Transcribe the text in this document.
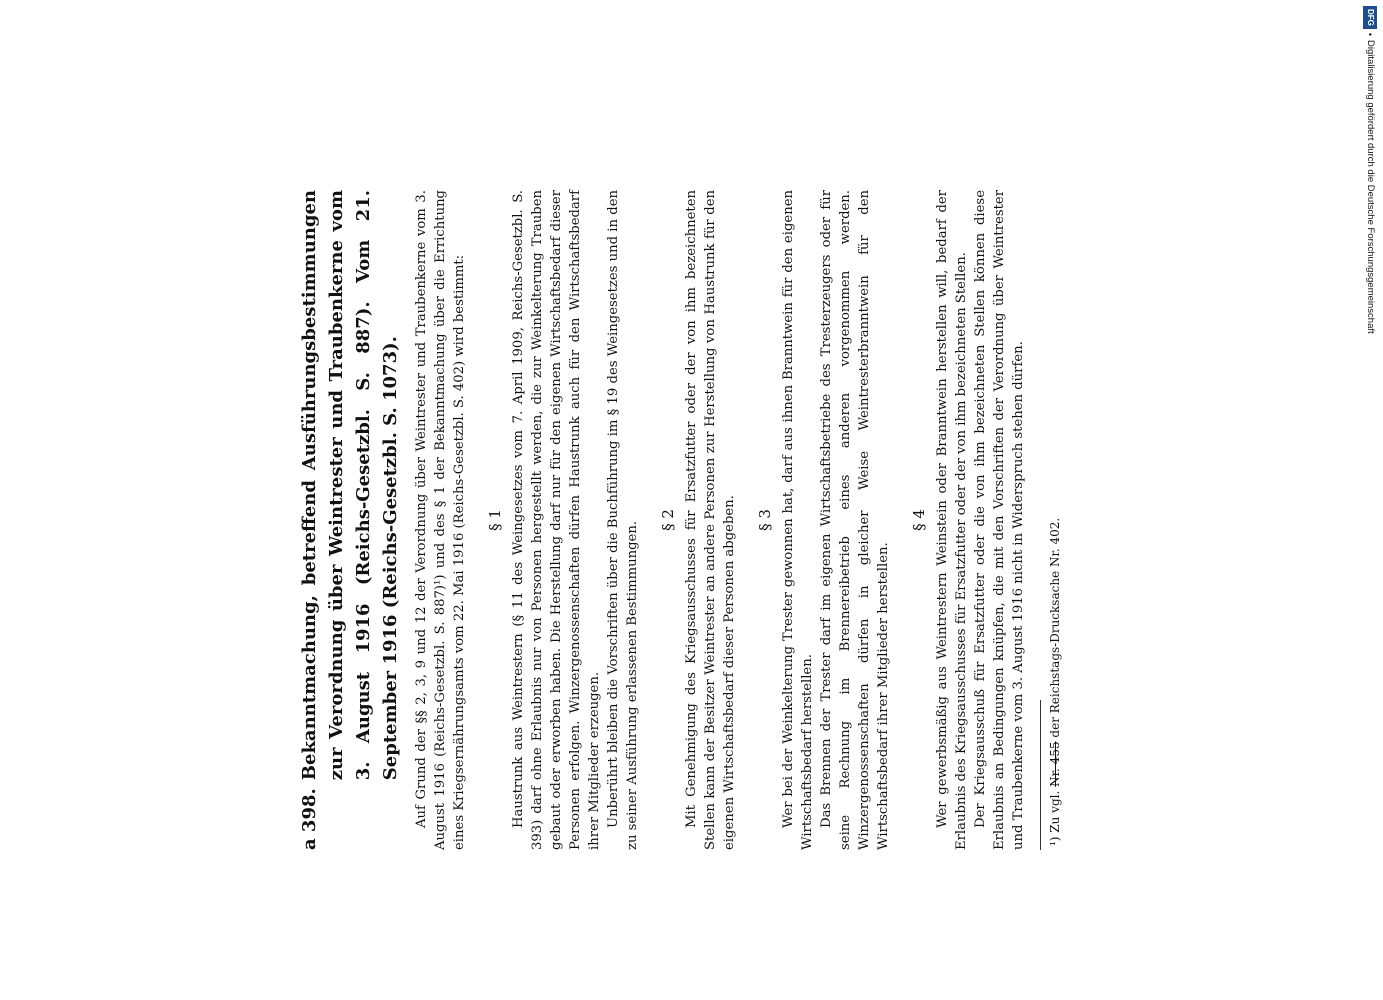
a 398.
Bekanntmachung, betreffend Ausführungsbestimmungen zur Verordnung über Weintrester und Traubenkerne vom 3. August 1916 (Reichs-Gesetzbl. S. 887). Vom 21. September 1916 (Reichs-Gesetzbl. S. 1073). Auf Grund der §§ 2, 3, 9 und 12 der Verordnung über Weintrester und Traubenkerne vom 3. August 1916 (Reichs-Gesetzbl. S. 887)¹) und des § 1 der Bekanntmachung über die Errichtung eines Kriegsernährungsamts vom 22. Mai 1916 (Reichs-Gesetzbl. S. 402) wird bestimmt: § 1 Haustrunk aus Weintrestern (§ 11 des Weingesetzes vom 7. April 1909, Reichs-Gesetzbl. S. 393) darf ohne Erlaubnis nur von Personen hergestellt werden, die zur Weinkelterung Trauben gebaut oder erworben haben. Die Herstellung darf nur für den eigenen Wirtschaftsbedarf dieser Personen erfolgen. Winzergenossenschaften dürfen Haustrunk auch für den Wirtschaftsbedarf ihrer Mitglieder erzeugen. Unberührt bleiben die Vorschriften über die Buchführung im § 19 des Weingesetzes und in den zu seiner Ausführung erlassenen Bestimmungen.

§ 2 Mit Genehmigung des Kriegsausschusses für Ersatzfutter oder der von ihm bezeichneten Stellen kann der Besitzer Weintrester an andere Personen zur Herstellung von Haustrunk für den eigenen Wirtschaftsbedarf dieser Personen abgeben. § 3 Wer bei der Weinkelterung Trester gewonnen hat, darf aus ihnen Branntwein für den eigenen Wirtschaftsbedarf herstellen. Das Brennen der Trester darf im eigenen Wirtschaftsbetriebe des Tresterzeugers oder für seine Rechnung im Brennereibetrieb eines anderen vorgenommen werden. Winzergenossenschaften dürfen in gleicher Weise Weintresterbranntwein für den Wirtschaftsbedarf ihrer Mitglieder herstellen.

§ 4 Wer gewerbsmäßig aus Weintrestern Weinstein oder Branntwein herstellen will, bedarf der Erlaubnis des Kriegsausschusses für Ersatzfutter oder der von ihm bezeichneten Stellen. Der Kriegsausschuß für Ersatzfutter oder die von ihm bezeichneten Stellen können diese Erlaubnis an Bedingungen knüpfen, die mit den Vorschriften der Verordnung über Weintrester und Traubenkerne vom 3. August 1916 nicht in Widerspruch stehen dürfen. ¹) Zu vgl. Nr. 455 der Reichstags-Drucksache Nr. 402.
Digitalisierung gefördert durch die Deutsche Forschungsgemeinschaft
•
DFG
